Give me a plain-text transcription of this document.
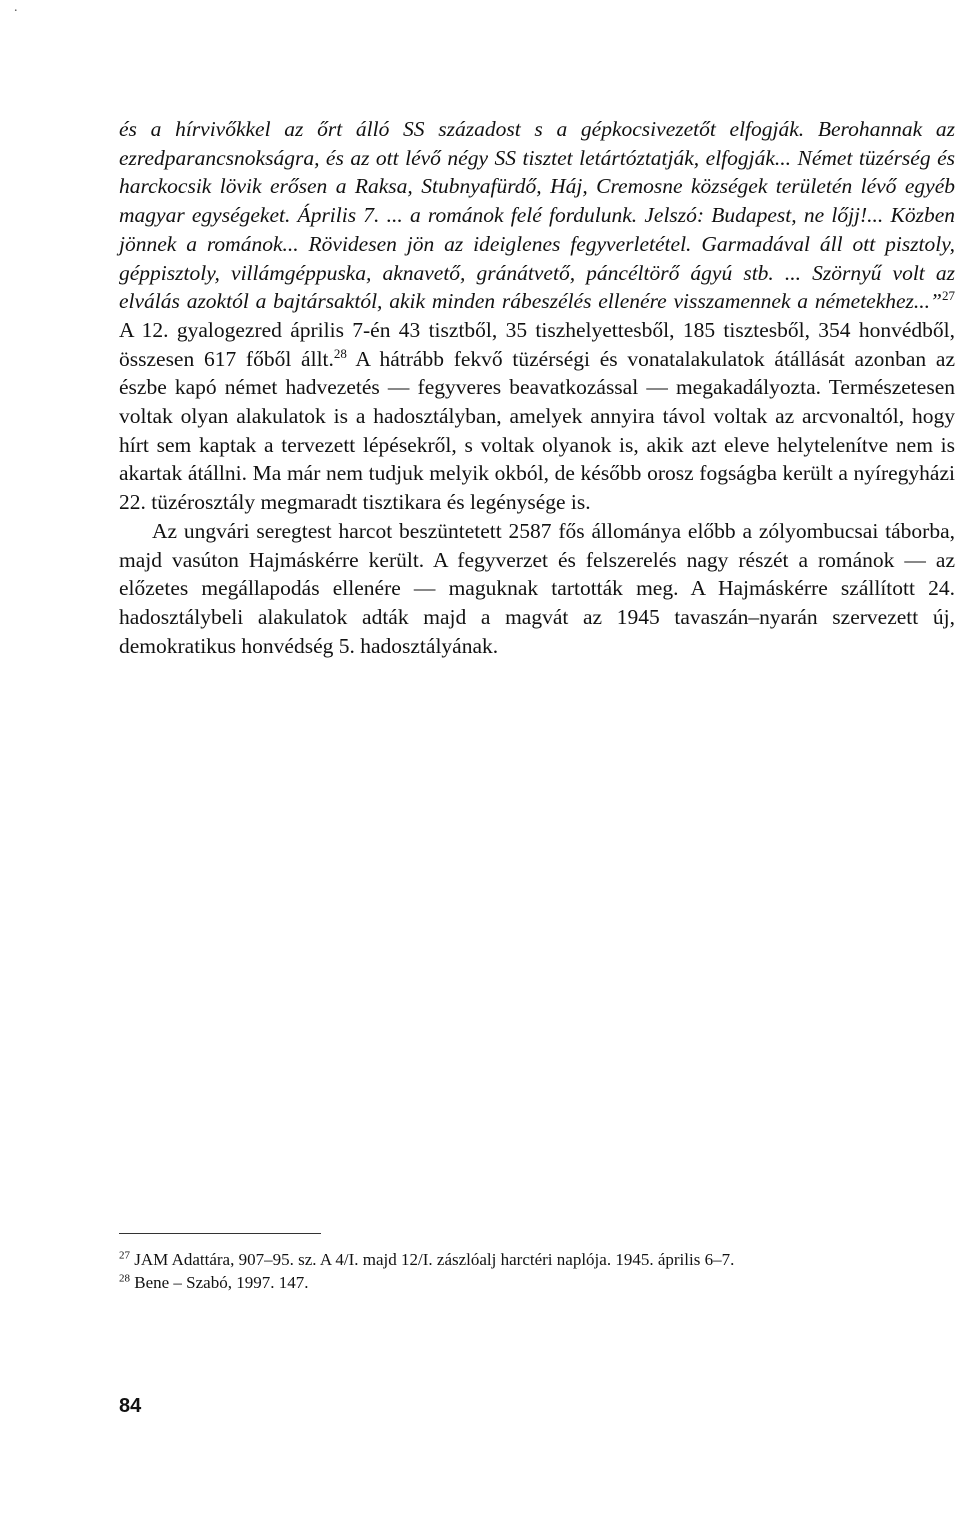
.

és a hírvivőkkel az őrt álló SS századost s a gépkocsivezetőt elfogják. Berohannak az ezredparancsnokságra, és az ott lévő négy SS tisztet letártóztatják, elfogják... Német tüzérség és harckocsik lövik erősen a Raksa, Stubnyafürdő, Háj, Cremosne községek területén lévő egyéb magyar egységeket. Április 7. ... a románok felé fordulunk. Jelszó: Budapest, ne lőjj!... Közben jönnek a románok... Rövidesen jön az ideiglenes fegyverletétel. Garmadával áll ott pisztoly, géppisztoly, villámgéppuska, aknavető, gránátvető, páncéltörő ágyú stb. ... Szörnyű volt az elválás azoktól a bajtársaktól, akik minden rábeszélés ellenére visszamennek a németekhez...”$^{27}$ A 12. gyalogezred április 7-én 43 tisztből, 35 tiszhelyettesből, 185 tisztesből, 354 honvédből, összesen 617 főből állt.$^{28}$ A hátrább fekvő tüzérségi és vonatalakulatok átállását azonban az észbe kapó német hadvezetés — fegyveres beavatkozással — megakadályozta. Természetesen voltak olyan alakulatok is a hadosztályban, amelyek annyira távol voltak az arcvonaltól, hogy hírt sem kaptak a tervezett lépésekről, s voltak olyanok is, akik azt eleve helytelenítve nem is akartak átállni. Ma már nem tudjuk melyik okból, de később orosz fogságba került a nyíregyházi 22. tüzérosztály megmaradt tisztikara és legénysége is.

Az ungvári seregtest harcot beszüntetett 2587 fős állománya előbb a zólyombucsai táborba, majd vasúton Hajmáskérre került. A fegyverzet és felszerelés nagy részét a románok — az előzetes megállapodás ellenére — maguknak tartották meg. A Hajmáskérre szállított 24. hadosztálybeli alakulatok adták majd a magvát az 1945 tavaszán–nyarán szervezett új, demokratikus honvédség 5. hadosztályának.

$^{27}$ JAM Adattára, 907–95. sz. A 4/I. majd 12/I. zászlóalj harctéri naplója. 1945. április 6–7.

$^{28}$ Bene – Szabó, 1997. 147.

84
